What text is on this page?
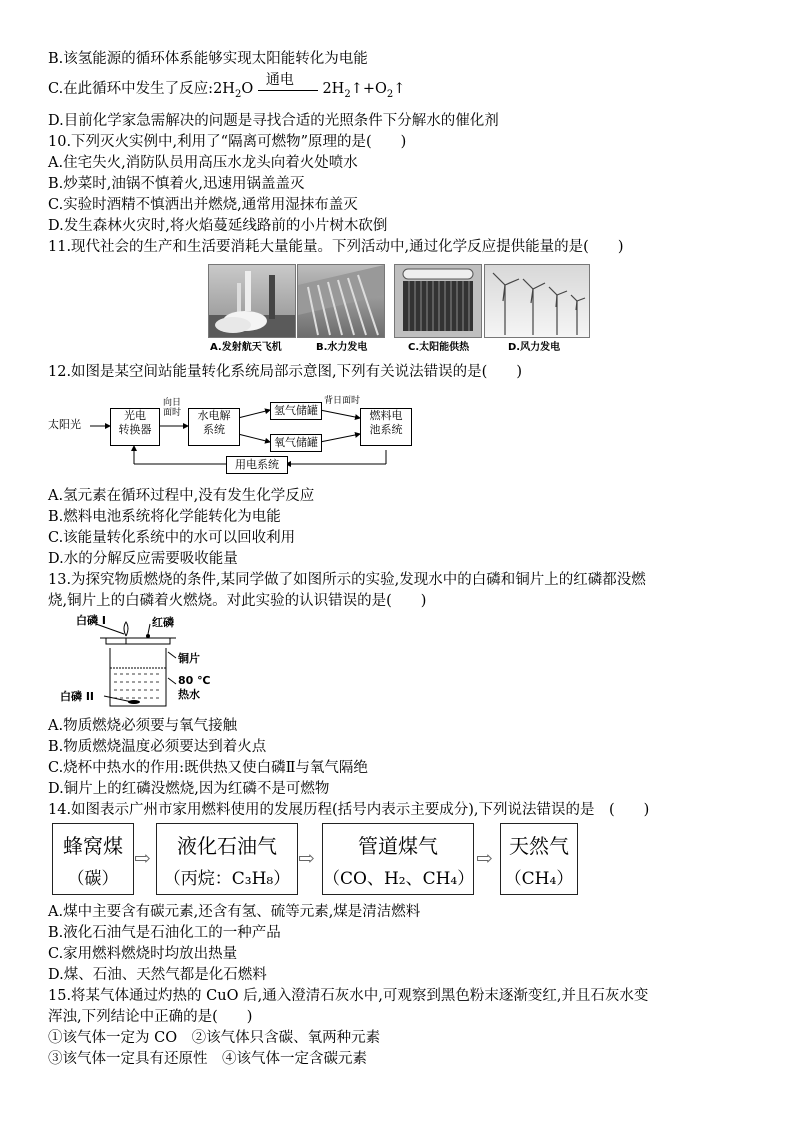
B.该氢能源的循环体系能够实现太阳能转化为电能
C.在此循环中发生了反应$:2H_2O$
通电
$2H_2↑+O_2↑$
D.目前化学家急需解决的问题是寻找合适的光照条件下分解水的催化剂
10.下列灭火实例中,利用了“隔离可燃物”原理的是(　　)
A.住宅失火,消防队员用高压水龙头向着火处喷水
B.炒菜时,油锅不慎着火,迅速用锅盖盖灭
C.实验时酒精不慎洒出并燃烧,通常用湿抹布盖灭
D.发生森林火灾时,将火焰蔓延线路前的小片树木砍倒
11.现代社会的生产和生活要消耗大量能量。下列活动中,通过化学反应提供能量的是(　　)
A.发射航天飞机	B.水力发电	C.太阳能供热	D.风力发电
12.如图是某空间站能量转化系统局部示意图,下列有关说法错误的是(　　)
太阳光
光电
转换器
向日
面时	水电解
系统
氢气储罐
氧气储罐
背日面时
燃料电
池系统
用电系统
A.氢元素在循环过程中,没有发生化学反应
B.燃料电池系统将化学能转化为电能
C.该能量转化系统中的水可以回收利用
D.水的分解反应需要吸收能量
13.为探究物质燃烧的条件,某同学做了如图所示的实验,发现水中的白磷和铜片上的红磷都没燃
烧,铜片上的白磷着火燃烧。对此实验的认识错误的是(　　)
白磷 I	红磷
铜片
80 ℃
热水
白磷 II
A.物质燃烧必须要与氧气接触
B.物质燃烧温度必须要达到着火点
C.烧杯中热水的作用:既供热又使白磷Ⅱ与氧气隔绝
D.铜片上的红磷没燃烧,因为红磷不是可燃物
14.如图表示广州市家用燃料使用的发展历程(括号内表示主要成分),下列说法错误的是　(　　)
蜂窝煤
（碳）
⇨	液化石油气
（丙烷：C₃H₈）
⇨	管道煤气
（CO、H₂、CH₄）
⇨ 天然气
（CH₄）
A.煤中主要含有碳元素,还含有氢、硫等元素,煤是清洁燃料
B.液化石油气是石油化工的一种产品
C.家用燃料燃烧时均放出热量
D.煤、石油、天然气都是化石燃料
15.将某气体通过灼热的 CuO 后,通入澄清石灰水中,可观察到黑色粉末逐渐变红,并且石灰水变
浑浊,下列结论中正确的是(　　)
①该气体一定为 CO　②该气体只含碳、氧两种元素
③该气体一定具有还原性　④该气体一定含碳元素
